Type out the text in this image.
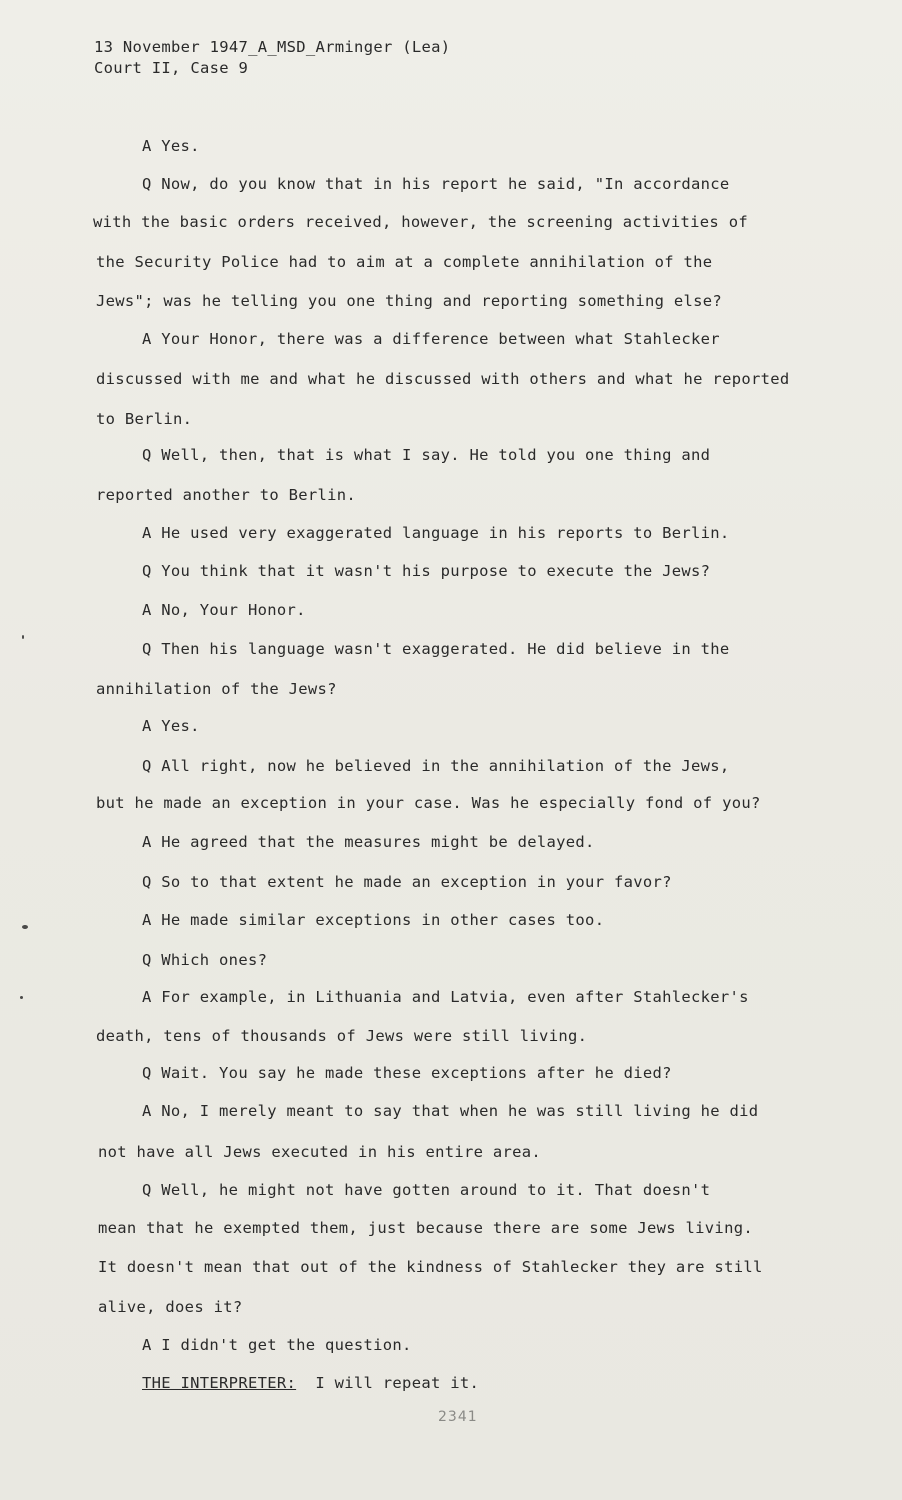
13 November 1947_A_MSD_Arminger (Lea)
Court II, Case 9
A Yes.
Q Now, do you know that in his report he said, "In accordance
with the basic orders received, however, the screening activities of
the Security Police had to aim at a complete annihilation of the
Jews"; was he telling you one thing and reporting something else?
A Your Honor, there was a difference between what Stahlecker
discussed with me and what he discussed with others and what he reported
to Berlin.
Q Well, then, that is what I say. He told you one thing and
reported another to Berlin.
A He used very exaggerated language in his reports to Berlin.
Q You think that it wasn't his purpose to execute the Jews?
A No, Your Honor.
Q Then his language wasn't exaggerated. He did believe in the
annihilation of the Jews?
A Yes.
Q All right, now he believed in the annihilation of the Jews,
but he made an exception in your case. Was he especially fond of you?
A He agreed that the measures might be delayed.
Q So to that extent he made an exception in your favor?
A He made similar exceptions in other cases too.
Q Which ones?
A For example, in Lithuania and Latvia, even after Stahlecker's
death, tens of thousands of Jews were still living.
Q Wait. You say he made these exceptions after he died?
A No, I merely meant to say that when he was still living he did
not have all Jews executed in his entire area.
Q Well, he might not have gotten around to it. That doesn't
mean that he exempted them, just because there are some Jews living.
It doesn't mean that out of the kindness of Stahlecker they are still
alive, does it?
A I didn't get the question.
THE INTERPRETER: I will repeat it.
2341
